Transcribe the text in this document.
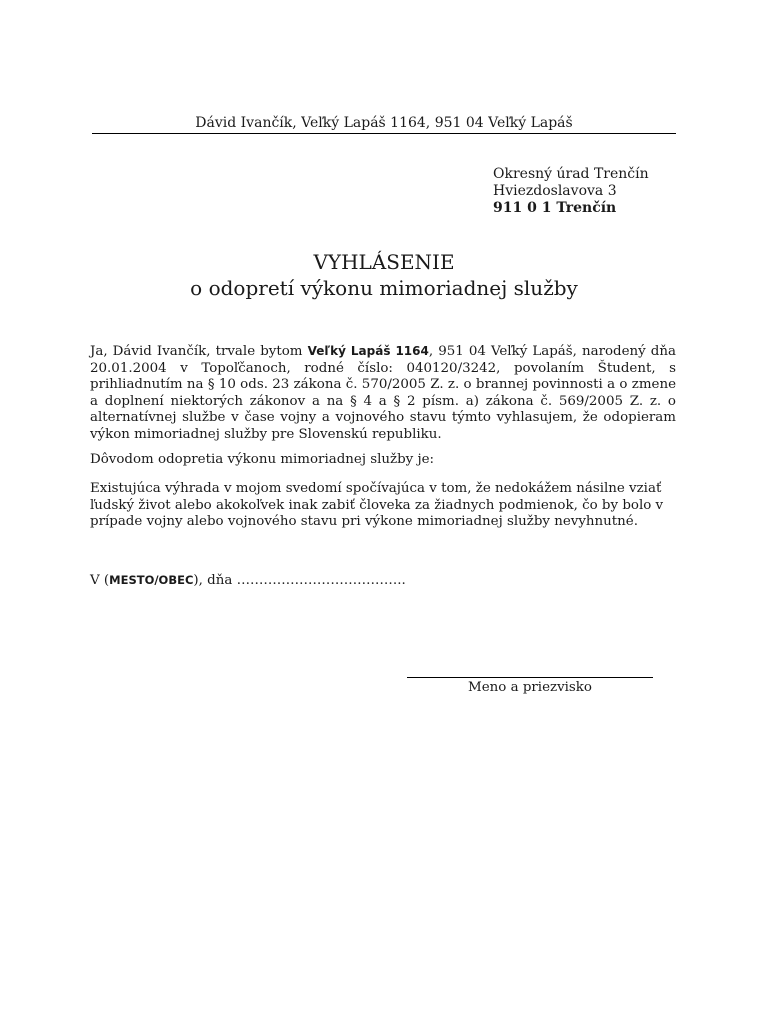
Dávid Ivančík, Veľký Lapáš 1164, 951 04 Veľký Lapáš
Okresný úrad Trenčín
Hviezdoslavova 3
911 0 1 Trenčín
VYHLÁSENIE
o odopretí výkonu mimoriadnej služby
Ja, Dávid Ivančík, trvale bytom Veľký Lapáš 1164, 951 04 Veľký Lapáš, narodený dňa 20.01.2004 v Topoľčanoch, rodné číslo: 040120/3242, povolaním Študent, s prihliadnutím na § 10 ods. 23 zákona č. 570/2005 Z. z. o brannej povinnosti a o zmene a doplnení niektorých zákonov a na § 4 a § 2 písm. a) zákona č. 569/2005 Z. z. o alternatívnej službe v čase vojny a vojnového stavu týmto vyhlasujem, že odopieram výkon mimoriadnej služby pre Slovenskú republiku.
Dôvodom odopretia výkonu mimoriadnej služby je:
Existujúca výhrada v mojom svedomí spočívajúca v tom, že nedokážem násilne vziať ľudský život alebo akokoľvek inak zabiť človeka za žiadnych podmienok, čo by bolo v prípade vojny alebo vojnového stavu pri výkone mimoriadnej služby nevyhnutné.
V (MESTO/OBEC), dňa ………………………………..
Meno a priezvisko
